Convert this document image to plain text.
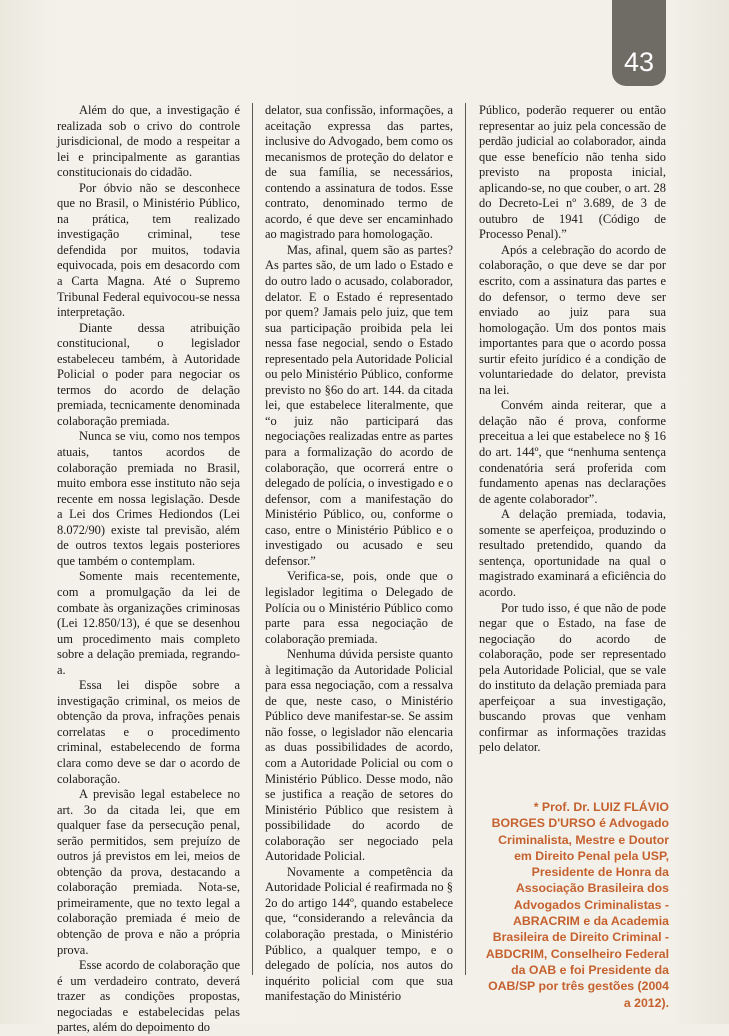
43

Além do que, a investigação é realizada sob o crivo do controle jurisdicional, de modo a respeitar a lei e principalmente as garantias constitucionais do cidadão.

Por óbvio não se desconhece que no Brasil, o Ministério Público, na prática, tem realizado investigação criminal, tese defendida por muitos, todavia equivocada, pois em desacordo com a Carta Magna. Até o Supremo Tribunal Federal equivocou-se nessa interpretação.

Diante dessa atribuição constitucional, o legislador estabeleceu também, à Autoridade Policial o poder para negociar os termos do acordo de delação premiada, tecnicamente denominada colaboração premiada.

Nunca se viu, como nos tempos atuais, tantos acordos de colaboração premiada no Brasil, muito embora esse instituto não seja recente em nossa legislação. Desde a Lei dos Crimes Hediondos (Lei 8.072/90) existe tal previsão, além de outros textos legais posteriores que também o contemplam.

Somente mais recentemente, com a promulgação da lei de combate às organizações criminosas (Lei 12.850/13), é que se desenhou um procedimento mais completo sobre a delação premiada, regrando-a.

Essa lei dispõe sobre a investigação criminal, os meios de obtenção da prova, infrações penais correlatas e o procedimento criminal, estabelecendo de forma clara como deve se dar o acordo de colaboração.

A previsão legal estabelece no art. 3o da citada lei, que em qualquer fase da persecução penal, serão permitidos, sem prejuízo de outros já previstos em lei, meios de obtenção da prova, destacando a colaboração premiada. Nota-se, primeiramente, que no texto legal a colaboração premiada é meio de obtenção de prova e não a própria prova.

Esse acordo de colaboração que é um verdadeiro contrato, deverá trazer as condições propostas, negociadas e estabelecidas pelas partes, além do depoimento do

delator, sua confissão, informações, a aceitação expressa das partes, inclusive do Advogado, bem como os mecanismos de proteção do delator e de sua família, se necessários, contendo a assinatura de todos. Esse contrato, denominado termo de acordo, é que deve ser encaminhado ao magistrado para homologação.

Mas, afinal, quem são as partes? As partes são, de um lado o Estado e do outro lado o acusado, colaborador, delator. E o Estado é representado por quem? Jamais pelo juiz, que tem sua participação proibida pela lei nessa fase negocial, sendo o Estado representado pela Autoridade Policial ou pelo Ministério Público, conforme previsto no §6o do art. 144. da citada lei, que estabelece literalmente, que “o juiz não participará das negociações realizadas entre as partes para a formalização do acordo de colaboração, que ocorrerá entre o delegado de polícia, o investigado e o defensor, com a manifestação do Ministério Público, ou, conforme o caso, entre o Ministério Público e o investigado ou acusado e seu defensor.”

Verifica-se, pois, onde que o legislador legitima o Delegado de Polícia ou o Ministério Público como parte para essa negociação de colaboração premiada.

Nenhuma dúvida persiste quanto à legitimação da Autoridade Policial para essa negociação, com a ressalva de que, neste caso, o Ministério Público deve manifestar-se. Se assim não fosse, o legislador não elencaria as duas possibilidades de acordo, com a Autoridade Policial ou com o Ministério Público. Desse modo, não se justifica a reação de setores do Ministério Público que resistem à possibilidade do acordo de colaboração ser negociado pela Autoridade Policial.

Novamente a competência da Autoridade Policial é reafirmada no § 2o do artigo 144º, quando estabelece que, “considerando a relevância da colaboração prestada, o Ministério Público, a qualquer tempo, e o delegado de polícia, nos autos do inquérito policial com que sua manifestação do Ministério

Público, poderão requerer ou então representar ao juiz pela concessão de perdão judicial ao colaborador, ainda que esse benefício não tenha sido previsto na proposta inicial, aplicando-se, no que couber, o art. 28 do Decreto-Lei nº 3.689, de 3 de outubro de 1941 (Código de Processo Penal).”

Após a celebração do acordo de colaboração, o que deve se dar por escrito, com a assinatura das partes e do defensor, o termo deve ser enviado ao juiz para sua homologação. Um dos pontos mais importantes para que o acordo possa surtir efeito jurídico é a condição de voluntariedade do delator, prevista na lei.

Convém ainda reiterar, que a delação não é prova, conforme preceitua a lei que estabelece no § 16 do art. 144º, que “nenhuma sentença condenatória será proferida com fundamento apenas nas declarações de agente colaborador”.

A delação premiada, todavia, somente se aperfeiçoa, produzindo o resultado pretendido, quando da sentença, oportunidade na qual o magistrado examinará a eficiência do acordo.

Por tudo isso, é que não de pode negar que o Estado, na fase de negociação do acordo de colaboração, pode ser representado pela Autoridade Policial, que se vale do instituto da delação premiada para aperfeiçoar a sua investigação, buscando provas que venham confirmar as informações trazidas pelo delator.

* Prof. Dr. LUIZ FLÁVIO BORGES D'URSO é Advogado Criminalista, Mestre e Doutor em Direito Penal pela USP, Presidente de Honra da Associação Brasileira dos Advogados Criminalistas - ABRACRIM e da Academia Brasileira de Direito Criminal - ABDCRIM, Conselheiro Federal da OAB e foi Presidente da OAB/SP por três gestões (2004 a 2012).
